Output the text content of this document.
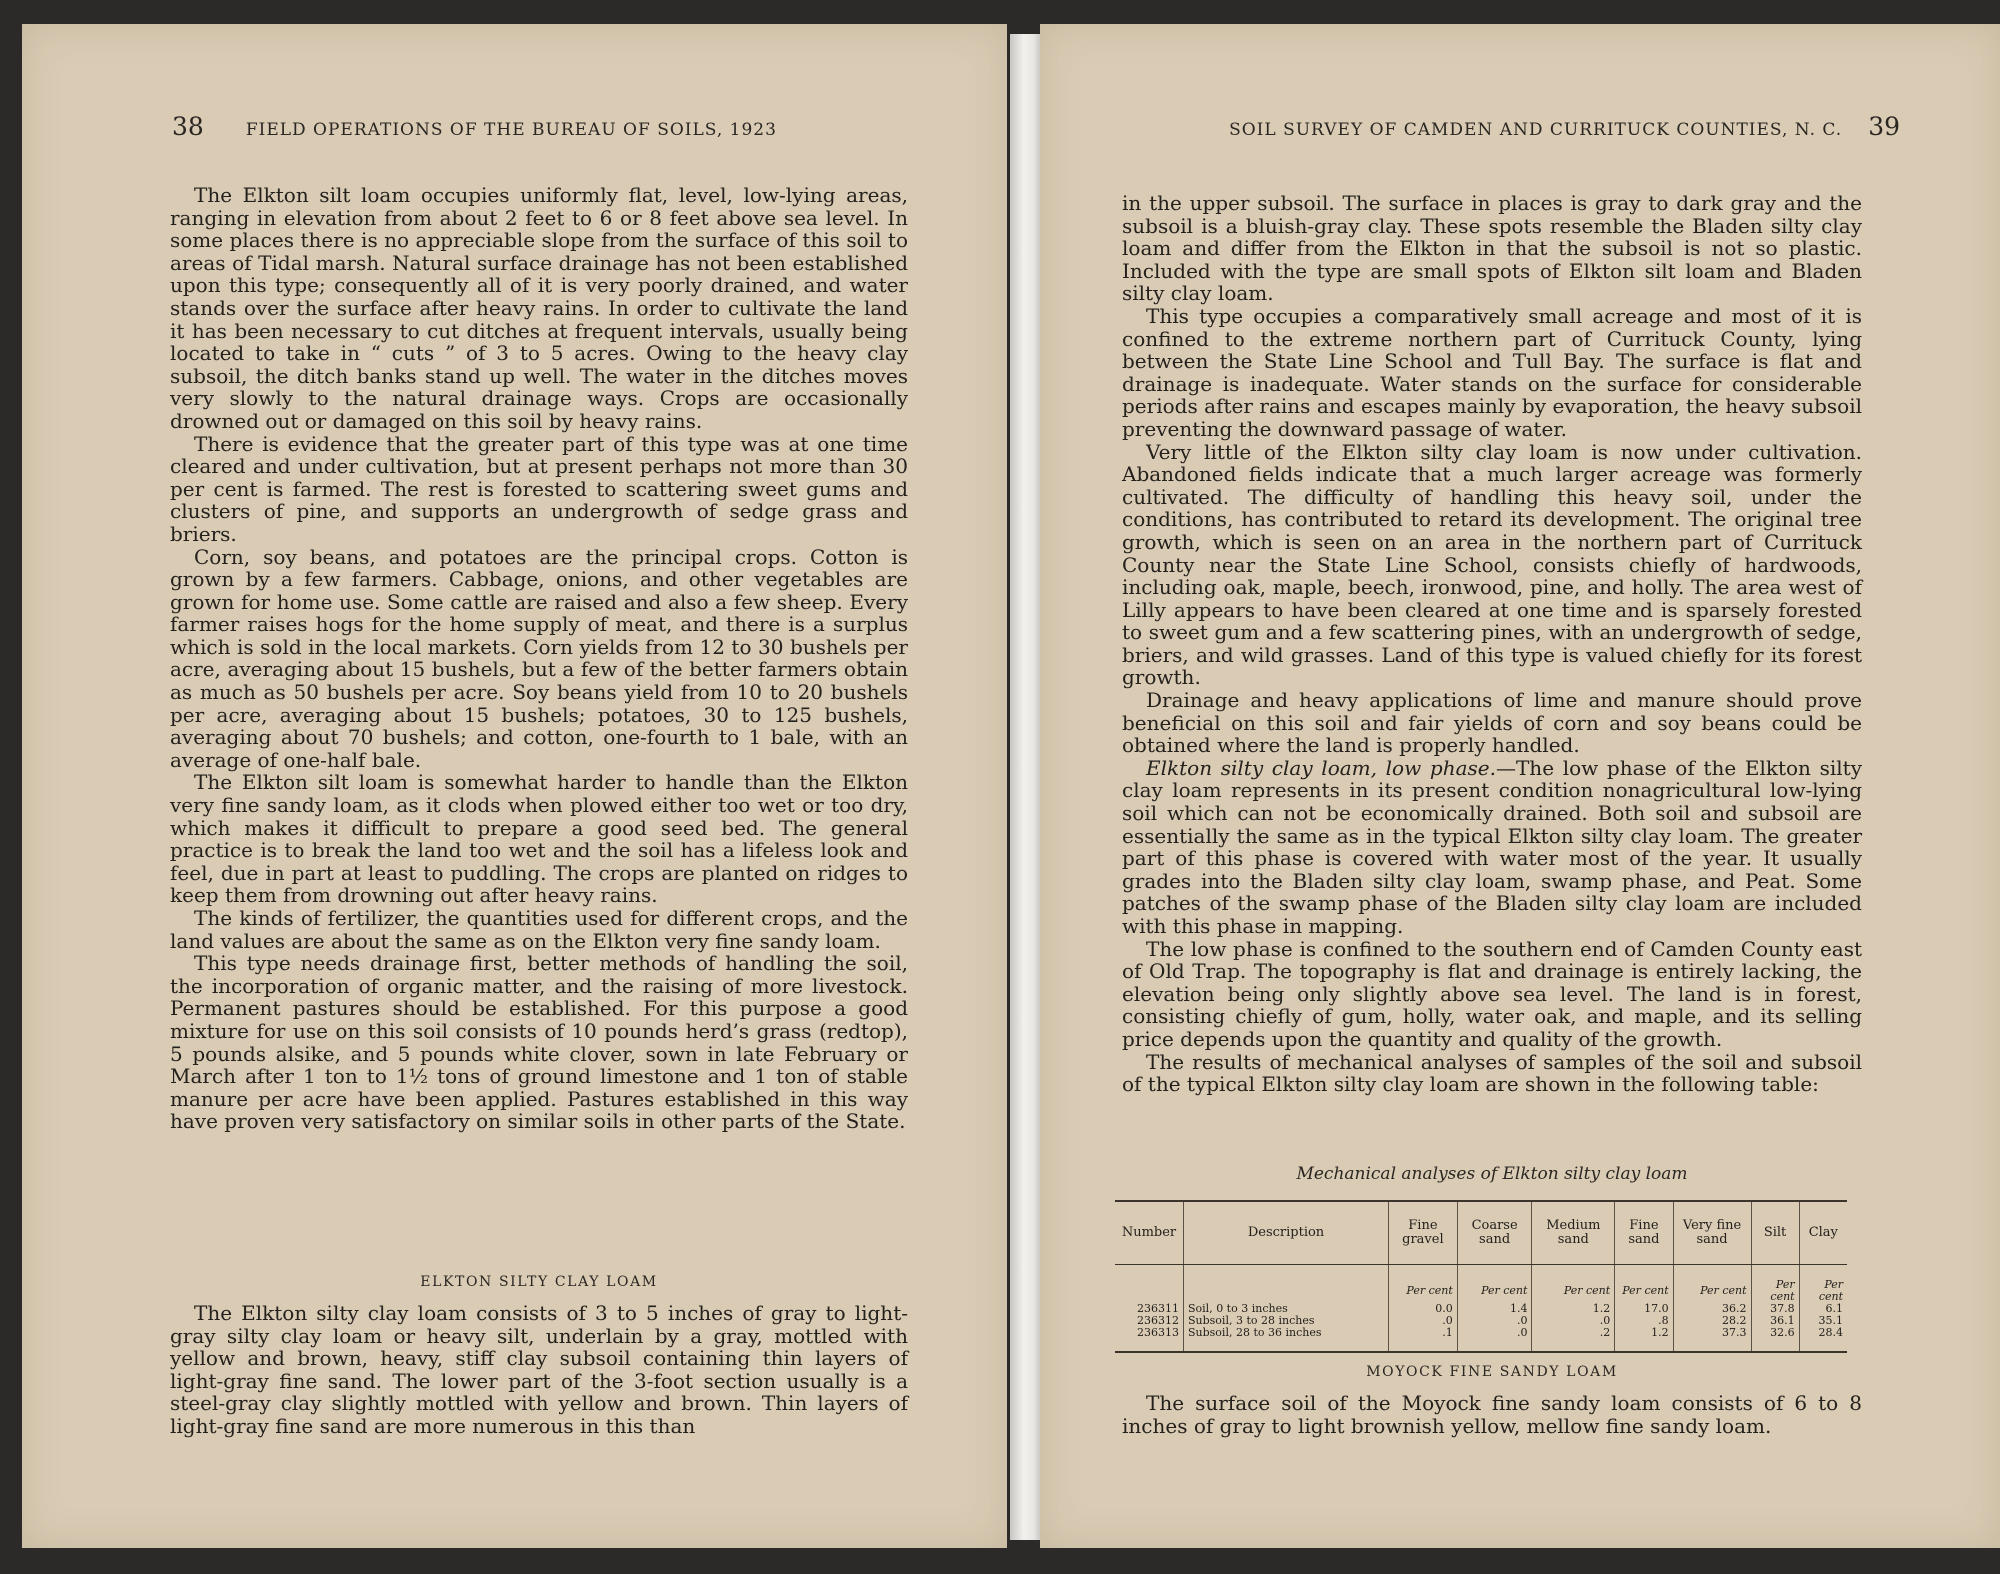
38 FIELD OPERATIONS OF THE BUREAU OF SOILS, 1923

The Elkton silt loam occupies uniformly flat, level, low-lying areas, ranging in elevation from about 2 feet to 6 or 8 feet above sea level. In some places there is no appreciable slope from the surface of this soil to areas of Tidal marsh. Natural surface drainage has not been established upon this type; consequently all of it is very poorly drained, and water stands over the surface after heavy rains. In order to cultivate the land it has been necessary to cut ditches at frequent intervals, usually being located to take in “ cuts ” of 3 to 5 acres. Owing to the heavy clay subsoil, the ditch banks stand up well. The water in the ditches moves very slowly to the natural drainage ways. Crops are occasionally drowned out or damaged on this soil by heavy rains.

There is evidence that the greater part of this type was at one time cleared and under cultivation, but at present perhaps not more than 30 per cent is farmed. The rest is forested to scattering sweet gums and clusters of pine, and supports an undergrowth of sedge grass and briers.

Corn, soy beans, and potatoes are the principal crops. Cotton is grown by a few farmers. Cabbage, onions, and other vegetables are grown for home use. Some cattle are raised and also a few sheep. Every farmer raises hogs for the home supply of meat, and there is a surplus which is sold in the local markets. Corn yields from 12 to 30 bushels per acre, averaging about 15 bushels, but a few of the better farmers obtain as much as 50 bushels per acre. Soy beans yield from 10 to 20 bushels per acre, averaging about 15 bushels; potatoes, 30 to 125 bushels, averaging about 70 bushels; and cotton, one-fourth to 1 bale, with an average of one-half bale.

The Elkton silt loam is somewhat harder to handle than the Elkton very fine sandy loam, as it clods when plowed either too wet or too dry, which makes it difficult to prepare a good seed bed. The general practice is to break the land too wet and the soil has a lifeless look and feel, due in part at least to puddling. The crops are planted on ridges to keep them from drowning out after heavy rains.

The kinds of fertilizer, the quantities used for different crops, and the land values are about the same as on the Elkton very fine sandy loam.

This type needs drainage first, better methods of handling the soil, the incorporation of organic matter, and the raising of more livestock. Permanent pastures should be established. For this purpose a good mixture for use on this soil consists of 10 pounds herd’s grass (redtop), 5 pounds alsike, and 5 pounds white clover, sown in late February or March after 1 ton to 1½ tons of ground limestone and 1 ton of stable manure per acre have been applied. Pastures established in this way have proven very satisfactory on similar soils in other parts of the State.

ELKTON SILTY CLAY LOAM

The Elkton silty clay loam consists of 3 to 5 inches of gray to light-gray silty clay loam or heavy silt, underlain by a gray, mottled with yellow and brown, heavy, stiff clay subsoil containing thin layers of light-gray fine sand. The lower part of the 3-foot section usually is a steel-gray clay slightly mottled with yellow and brown. Thin layers of light-gray fine sand are more numerous in this than

SOIL SURVEY OF CAMDEN AND CURRITUCK COUNTIES, N. C. 39

in the upper subsoil. The surface in places is gray to dark gray and the subsoil is a bluish-gray clay. These spots resemble the Bladen silty clay loam and differ from the Elkton in that the subsoil is not so plastic. Included with the type are small spots of Elkton silt loam and Bladen silty clay loam.

This type occupies a comparatively small acreage and most of it is confined to the extreme northern part of Currituck County, lying between the State Line School and Tull Bay. The surface is flat and drainage is inadequate. Water stands on the surface for considerable periods after rains and escapes mainly by evaporation, the heavy subsoil preventing the downward passage of water.

Very little of the Elkton silty clay loam is now under cultivation. Abandoned fields indicate that a much larger acreage was formerly cultivated. The difficulty of handling this heavy soil, under the conditions, has contributed to retard its development. The original tree growth, which is seen on an area in the northern part of Currituck County near the State Line School, consists chiefly of hardwoods, including oak, maple, beech, ironwood, pine, and holly. The area west of Lilly appears to have been cleared at one time and is sparsely forested to sweet gum and a few scattering pines, with an undergrowth of sedge, briers, and wild grasses. Land of this type is valued chiefly for its forest growth.

Drainage and heavy applications of lime and manure should prove beneficial on this soil and fair yields of corn and soy beans could be obtained where the land is properly handled.

Elkton silty clay loam, low phase.—The low phase of the Elkton silty clay loam represents in its present condition nonagricultural low-lying soil which can not be economically drained. Both soil and subsoil are essentially the same as in the typical Elkton silty clay loam. The greater part of this phase is covered with water most of the year. It usually grades into the Bladen silty clay loam, swamp phase, and Peat. Some patches of the swamp phase of the Bladen silty clay loam are included with this phase in mapping.

The low phase is confined to the southern end of Camden County east of Old Trap. The topography is flat and drainage is entirely lacking, the elevation being only slightly above sea level. The land is in forest, consisting chiefly of gum, holly, water oak, and maple, and its selling price depends upon the quantity and quality of the growth.

The results of mechanical analyses of samples of the soil and subsoil of the typical Elkton silty clay loam are shown in the following table:

Mechanical analyses of Elkton silty clay loam
Number	Description	Fine gravel	Coarse sand	Medium sand	Fine sand	Very fine sand	Silt	Clay
		Per cent	Per cent	Per cent	Per cent	Per cent	Per cent	Per cent
236311	Soil, 0 to 3 inches	0.0	1.4	1.2	17.0	36.2	37.8	6.1
236312	Subsoil, 3 to 28 inches	.0	.0	.0	.8	28.2	36.1	35.1
236313	Subsoil, 28 to 36 inches	.1	.0	.2	1.2	37.3	32.6	28.4
MOYOCK FINE SANDY LOAM

The surface soil of the Moyock fine sandy loam consists of 6 to 8 inches of gray to light brownish yellow, mellow fine sandy loam.
